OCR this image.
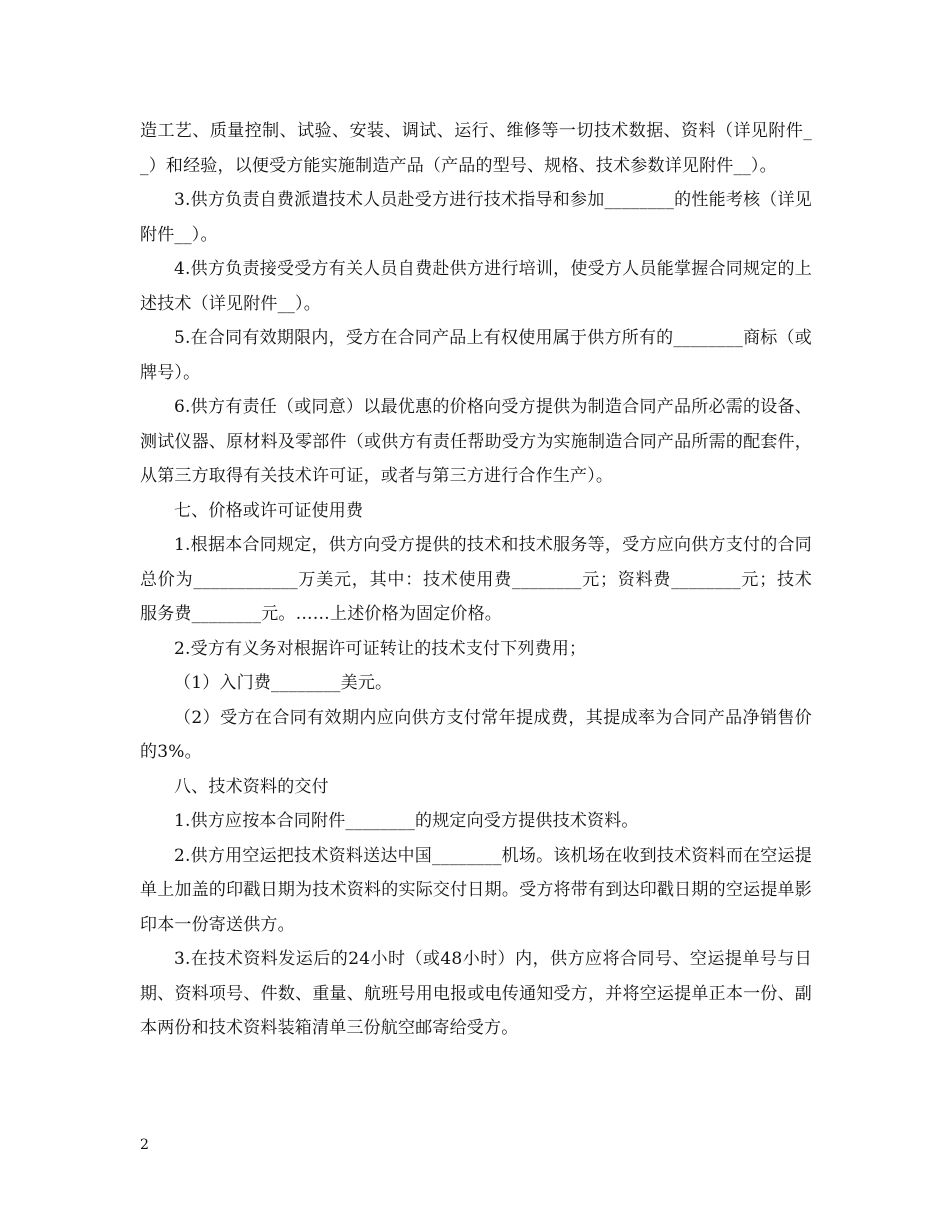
造工艺、质量控制、试验、安装、调试、运行、维修等一切技术数据、资料（详见附件__）和经验，以便受方能实施制造产品（产品的型号、规格、技术参数详见附件__）。

3.供方负责自费派遣技术人员赴受方进行技术指导和参加________的性能考核（详见附件__）。

4.供方负责接受受方有关人员自费赴供方进行培训，使受方人员能掌握合同规定的上述技术（详见附件__）。

5.在合同有效期限内，受方在合同产品上有权使用属于供方所有的________商标（或牌号）。

6.供方有责任（或同意）以最优惠的价格向受方提供为制造合同产品所必需的设备、测试仪器、原材料及零部件（或供方有责任帮助受方为实施制造合同产品所需的配套件，从第三方取得有关技术许可证，或者与第三方进行合作生产）。

七、价格或许可证使用费

1.根据本合同规定，供方向受方提供的技术和技术服务等，受方应向供方支付的合同总价为____________万美元，其中：技术使用费________元；资料费________元；技术服务费________元。……上述价格为固定价格。

2.受方有义务对根据许可证转让的技术支付下列费用；

（1）入门费________美元。

（2）受方在合同有效期内应向供方支付常年提成费，其提成率为合同产品净销售价的3%。

八、技术资料的交付

1.供方应按本合同附件________的规定向受方提供技术资料。

2.供方用空运把技术资料送达中国________机场。该机场在收到技术资料而在空运提单上加盖的印戳日期为技术资料的实际交付日期。受方将带有到达印戳日期的空运提单影印本一份寄送供方。

3.在技术资料发运后的24小时（或48小时）内，供方应将合同号、空运提单号与日期、资料项号、件数、重量、航班号用电报或电传通知受方，并将空运提单正本一份、副本两份和技术资料装箱清单三份航空邮寄给受方。

2
